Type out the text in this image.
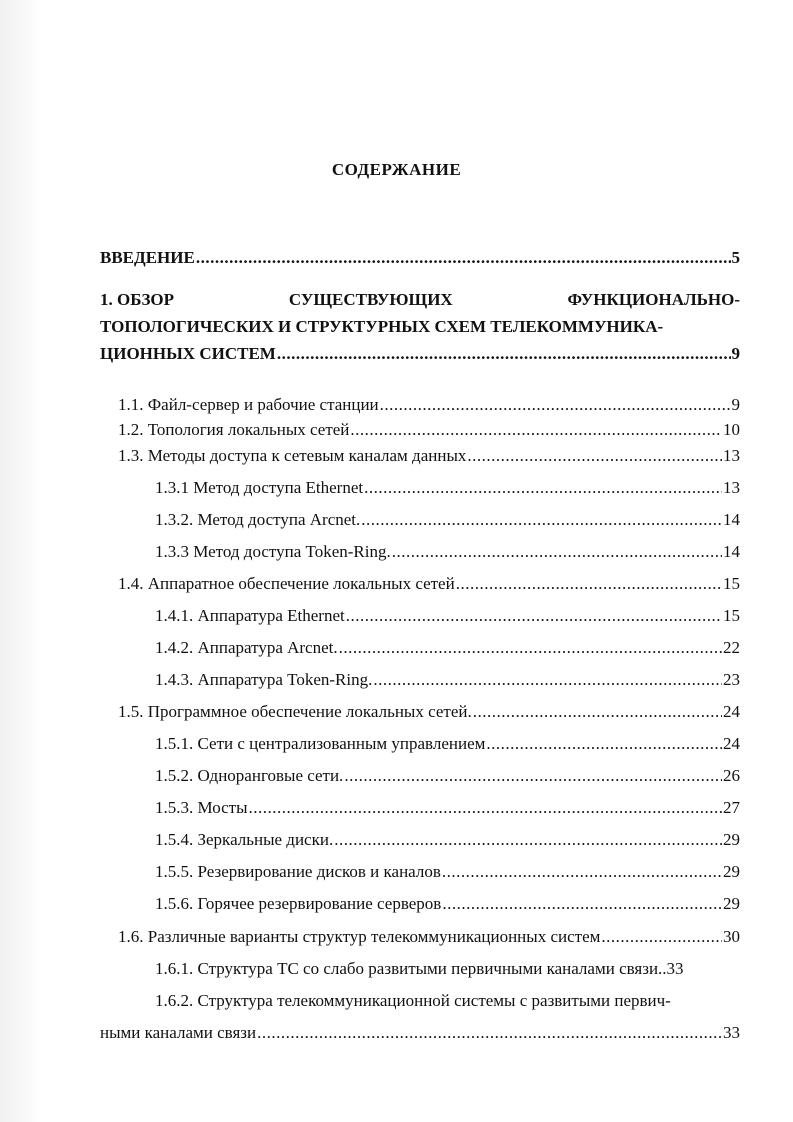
СОДЕРЖАНИЕ
ВВЕДЕНИЕ .....	5
1. ОБЗОР	СУЩЕСТВУЮЩИХ	ФУНКЦИОНАЛЬНО-
ТОПОЛОГИЧЕСКИХ И СТРУКТУРНЫХ СХЕМ ТЕЛЕКОММУНИКА-
ЦИОННЫХ СИСТЕМ .....	9
1.1. Файл-сервер и рабочие станции .....	9
1.2. Топология локальных сетей .....	10
1.3. Методы доступа к сетевым каналам данных .....	13
1.3.1 Метод доступа Ethernet .....	13
1.3.2. Метод доступа Arcnet. .....	14
1.3.3 Метод доступа Token-Ring. .....	14
1.4. Аппаратное обеспечение локальных сетей .....	15
1.4.1. Аппаратура Ethernet .....	15
1.4.2. Аппаратура Arcnet. .....	22
1.4.3. Аппаратура Token-Ring. .....	23
1.5. Программное обеспечение локальных сетей. .....	24
1.5.1. Сети с централизованным управлением .....	24
1.5.2. Одноранговые сети. .....	26
1.5.3. Мосты .....	27
1.5.4. Зеркальные диски. .....	29
1.5.5. Резервирование дисков и каналов .....	29
1.5.6. Горячее резервирование серверов .....	29
1.6. Различные варианты структур телекоммуникационных систем .....	30
1.6.1. Структура ТС со слабо развитыми первичными каналами связи.. 33
1.6.2. Структура телекоммуникационной системы с развитыми первич-
ными каналами связи .....	33
